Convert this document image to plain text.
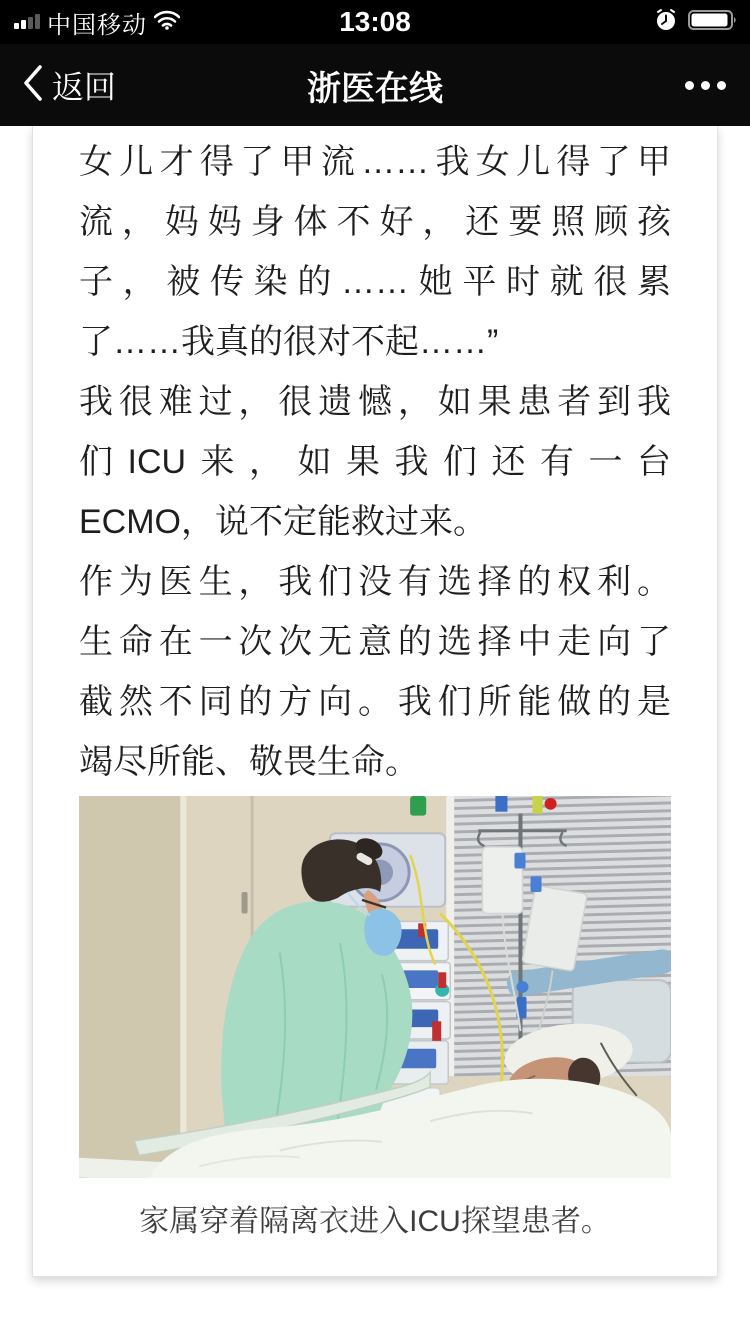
中国移动	13:08
返回	浙医在线
女儿才得了甲流……我女儿得了甲
流，妈妈身体不好，还要照顾孩
子，被传染的……她平时就很累
了……我真的很对不起……”
我很难过，很遗憾，如果患者到我
们ICU来，如果我们还有一台
ECMO，说不定能救过来。
作为医生，我们没有选择的权利。
生命在一次次无意的选择中走向了
截然不同的方向。我们所能做的是
竭尽所能、敬畏生命。
家属穿着隔离衣进入ICU探望患者。
